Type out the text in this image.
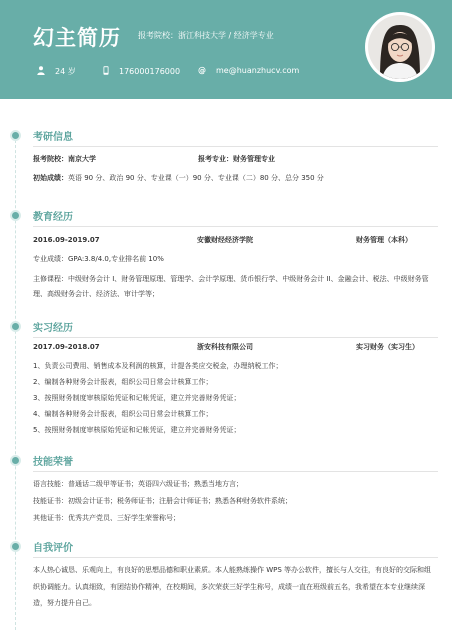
幻主简历 报考院校：浙江科技大学 / 经济学专业
24 岁	176000176000 @ me@huanzhucv.com
考研信息
报考院校：南京大学	报考专业：财务管理专业
初始成绩：英语 90 分、政治 90 分、专业课（一）90 分、专业课（二）80 分、总分 350 分
教育经历
2016.09-2019.07	安徽财经经济学院	财务管理（本科）
专业成绩：GPA:3.8/4.0,专业排名前 10%
主修课程：中级财务会计 I、财务管理原理、管理学、会计学原理、货币银行学、中级财务会计 II、金融会计、税法、中级财务管理、高级财务会计、经济法、审计学等；
实习经历
2017.09-2018.07	浙安科技有限公司	实习财务（实习生）
1、负责公司费用、销售成本及利润的核算，计提各类应交税金，办理纳税工作；
2、编制各种财务会计报表，组织公司日常会计核算工作；
3、按照财务制度审核原始凭证和记帐凭证，建立并完善财务凭证；
4、编制各种财务会计报表，组织公司日常会计核算工作；
5、按照财务制度审核原始凭证和记帐凭证，建立并完善财务凭证；
技能荣誉
语言技能：普通话二级甲等证书；英语四六级证书；熟悉当地方言；
技能证书：初级会计证书；税务师证书；注册会计师证书；熟悉各种财务软件系统；
其他证书：优秀共产党员、三好学生荣誉称号；
自我评价
本人热心诚恳、乐观向上，有良好的思想品德和职业素质。本人能熟练操作 WPS 等办公软件，擅长与人交往，有良好的交际和组织协调能力。认真细致，有团结协作精神，在校期间，多次荣获三好学生称号，成绩一直在班级前五名，我希望在本专业继续深造，努力提升自己。
